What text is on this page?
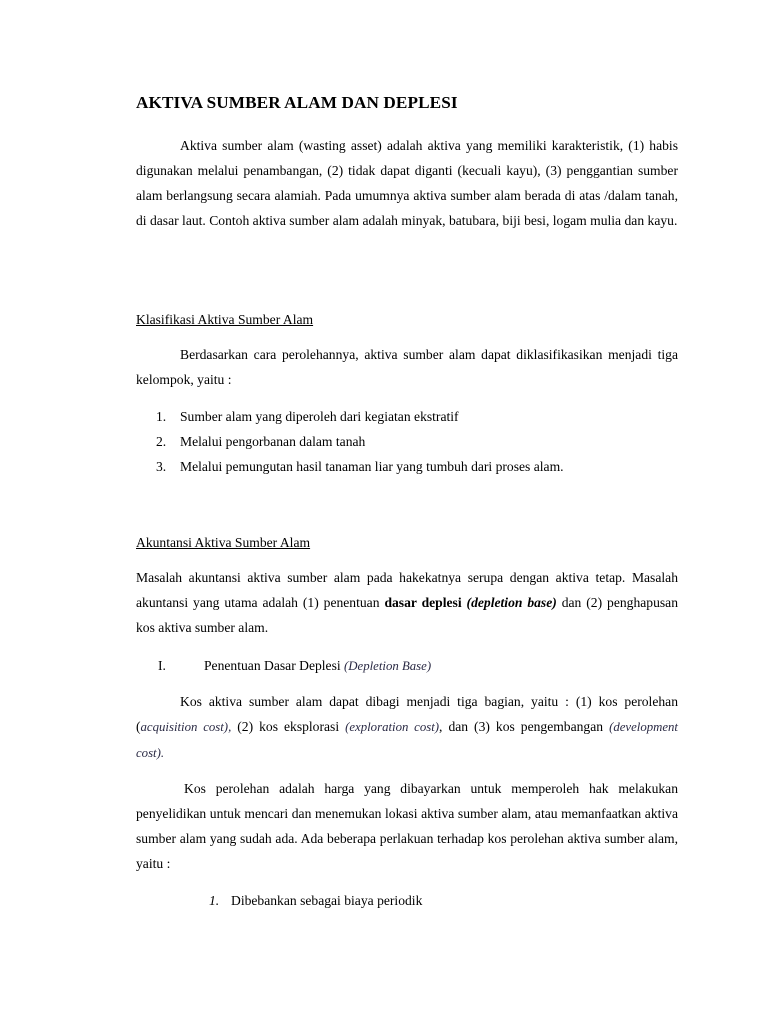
AKTIVA SUMBER ALAM DAN DEPLESI

Aktiva sumber alam (wasting asset) adalah aktiva yang memiliki karakteristik, (1) habis digunakan melalui penambangan, (2) tidak dapat diganti (kecuali kayu), (3) penggantian sumber alam berlangsung secara alamiah. Pada umumnya aktiva sumber alam berada di atas /dalam tanah, di dasar laut. Contoh aktiva sumber alam adalah minyak, batubara, biji besi, logam mulia dan kayu.

Klasifikasi Aktiva Sumber Alam

Berdasarkan cara perolehannya, aktiva sumber alam dapat diklasifikasikan menjadi tiga kelompok, yaitu :

1. Sumber alam yang diperoleh dari kegiatan ekstratif
2. Melalui pengorbanan dalam tanah
3. Melalui pemungutan hasil tanaman liar yang tumbuh dari proses alam.

Akuntansi Aktiva Sumber Alam

Masalah akuntansi aktiva sumber alam pada hakekatnya serupa dengan aktiva tetap. Masalah akuntansi yang utama adalah (1) penentuan dasar deplesi (depletion base) dan (2) penghapusan kos aktiva sumber alam.

I.	Penentuan Dasar Deplesi (Depletion Base)

Kos aktiva sumber alam dapat dibagi menjadi tiga bagian, yaitu : (1) kos perolehan (acquisition cost), (2) kos eksplorasi (exploration cost), dan (3) kos pengembangan (development cost).

Kos perolehan adalah harga yang dibayarkan untuk memperoleh hak melakukan penyelidikan untuk mencari dan menemukan lokasi aktiva sumber alam, atau memanfaatkan aktiva sumber alam yang sudah ada. Ada beberapa perlakuan terhadap kos perolehan aktiva sumber alam, yaitu :

1. Dibebankan sebagai biaya periodik
